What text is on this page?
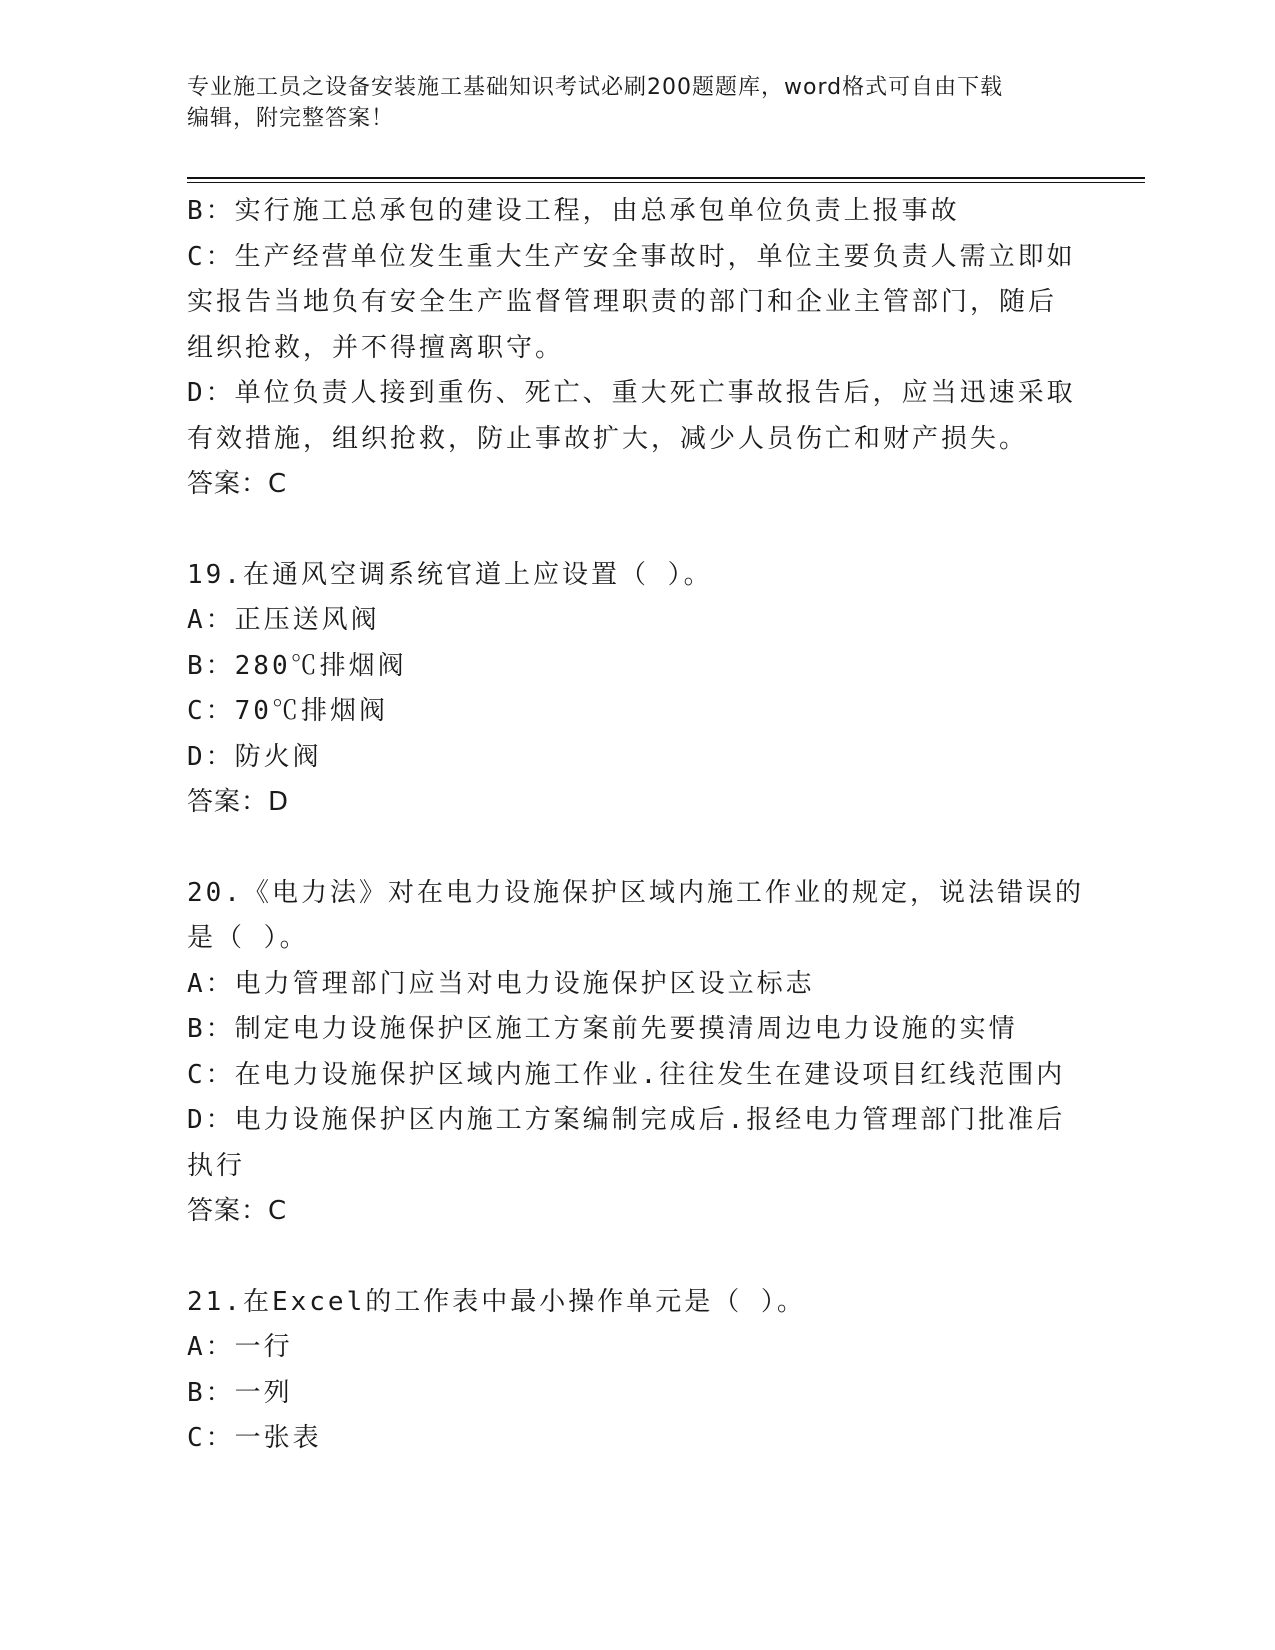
专业施工员之设备安装施工基础知识考试必刷200题题库，word格式可自由下载
编辑，附完整答案！
B：实行施工总承包的建设工程，由总承包单位负责上报事故
C：生产经营单位发生重大生产安全事故时，单位主要负责人需立即如
实报告当地负有安全生产监督管理职责的部门和企业主管部门，随后
组织抢救，并不得擅离职守。
D：单位负责人接到重伤、死亡、重大死亡事故报告后，应当迅速采取
有效措施，组织抢救，防止事故扩大，减少人员伤亡和财产损失。
答案：C
19.在通风空调系统官道上应设置（ ）。
A：正压送风阀
B：280℃排烟阀
C：70℃排烟阀
D：防火阀
答案：D
20.《电力法》对在电力设施保护区域内施工作业的规定，说法错误的
是（ ）。
A：电力管理部门应当对电力设施保护区设立标志
B：制定电力设施保护区施工方案前先要摸清周边电力设施的实情
C：在电力设施保护区域内施工作业.往往发生在建设项目红线范围内
D：电力设施保护区内施工方案编制完成后.报经电力管理部门批准后
执行
答案：C
21.在Excel的工作表中最小操作单元是（ ）。
A：一行
B：一列
C：一张表
